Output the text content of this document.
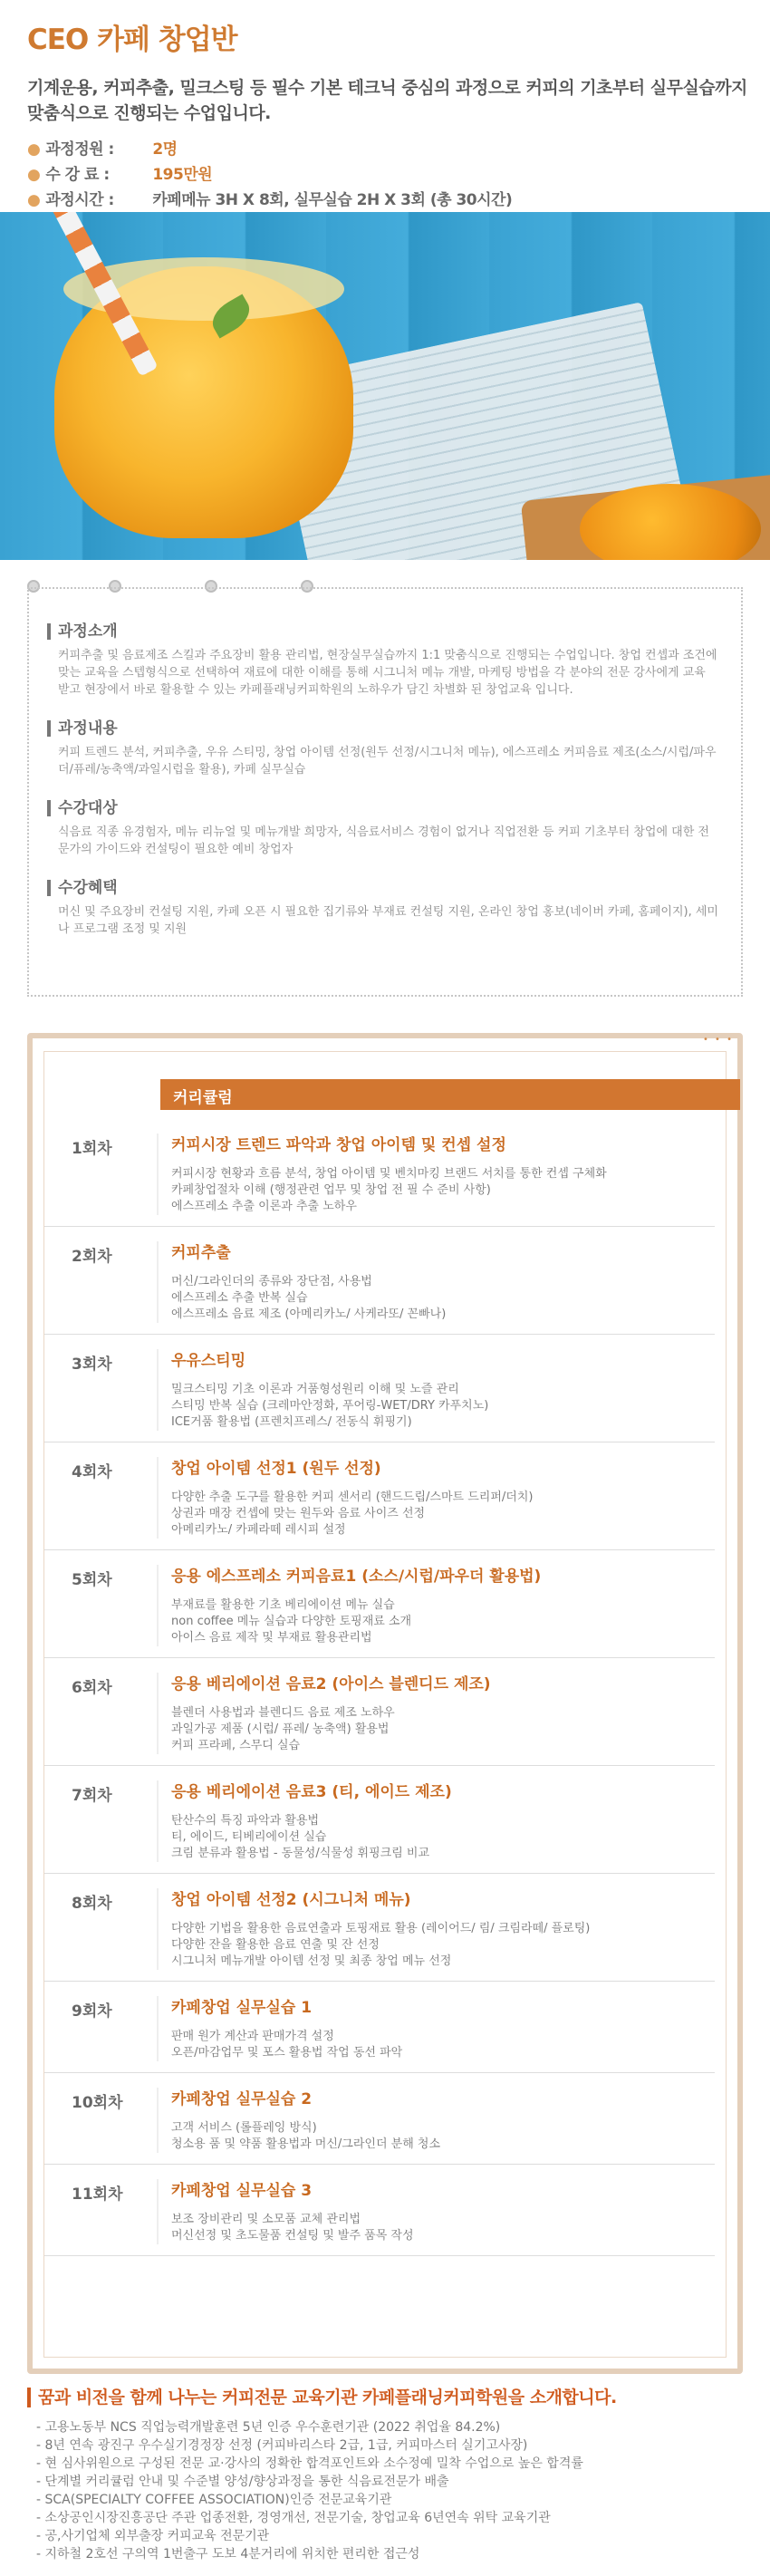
CEO 카페 창업반

기계운용, 커피추출, 밀크스팅 등 필수 기본 테크닉 중심의 과정으로 커피의 기초부터 실무실습까지 맞춤식으로 진행되는 수업입니다.

● 과정정원 :	2명
● 수 강 료 :	195만원
● 과정시간 :	카페메뉴 3H X 8회, 실무실습 2H X 3회 (총 30시간)
과정소개
커피추출 및 음료제조 스킬과 주요장비 활용 관리법, 현장실무실습까지 1:1 맞춤식으로 진행되는 수업입니다. 창업 컨셉과 조건에 맞는 교육을 스텝형식으로 선택하여 재료에 대한 이해를 통해 시그니처 메뉴 개발, 마케팅 방법을 각 분야의 전문 강사에게 교육 받고 현장에서 바로 활용할 수 있는 카페플래닝커피학원의 노하우가 담긴 차별화 된 창업교육 입니다.
과정내용
커피 트렌드 분석, 커피추출, 우유 스티밍, 창업 아이템 선정(원두 선정/시그니처 메뉴), 에스프레소 커피음료 제조(소스/시럽/파우더/퓨레/농축액/과일시럽을 활용), 카페 실무실습
수강대상
식음료 직종 유경험자, 메뉴 리뉴얼 및 메뉴개발 희망자, 식음료서비스 경험이 없거나 직업전환 등 커피 기초부터 창업에 대한 전문가의 가이드와 컨설팅이 필요한 예비 창업자
수강혜택
머신 및 주요장비 컨설팅 지원, 카페 오픈 시 필요한 집기류와 부재료 컨설팅 지원, 온라인 창업 홍보(네이버 카페, 홈페이지), 세미나 프로그램 조정 및 지원
• • •
커리큘럼
1회차	커피시장 트렌드 파악과 창업 아이템 및 컨셉 설정
커피시장 현황과 흐름 분석, 창업 아이템 및 벤치마킹 브랜드 서치를 통한 컨셉 구체화
카페창업절차 이해 (행정관련 업무 및 창업 전 필 수 준비 사항)
에스프레소 추출 이론과 추출 노하우
2회차	커피추출
머신/그라인더의 종류와 장단점, 사용법
에스프레소 추출 반복 실습
에스프레소 음료 제조 (아메리카노/ 사케라또/ 꼰빠나)
3회차	우유스티밍
밀크스티밍 기초 이론과 거품형성원리 이해 및 노즐 관리
스티밍 반복 실습 (크레마안정화, 푸어링-WET/DRY 카푸치노)
ICE거품 활용법 (프렌치프레스/ 전동식 휘핑기)
4회차	창업 아이템 선정1 (원두 선정)
다양한 추출 도구를 활용한 커피 센서리 (핸드드립/스마트 드리퍼/더치)
상권과 매장 컨셉에 맞는 원두와 음료 사이즈 선정
아메리카노/ 카페라떼 레시피 설정
5회차	응용 에스프레소 커피음료1 (소스/시럽/파우더 활용법)
부재료를 활용한 기초 베리에이션 메뉴 실습
non coffee 메뉴 실습과 다양한 토핑재료 소개
아이스 음료 제작 및 부재료 활용관리법
6회차	응용 베리에이션 음료2 (아이스 블렌디드 제조)
블렌더 사용법과 블렌디드 음료 제조 노하우
과일가공 제품 (시럽/ 퓨레/ 농축액) 활용법
커피 프라페, 스무디 실습
7회차	응용 베리에이션 음료3 (티, 에이드 제조)
탄산수의 특징 파악과 활용법
티, 에이드, 티베리에이션 실습
크림 분류과 활용법 - 동물성/식물성 휘핑크림 비교
8회차	창업 아이템 선정2 (시그니처 메뉴)
다양한 기법을 활용한 음료연출과 토핑재료 활용 (레이어드/ 림/ 크림라떼/ 플로팅)
다양한 잔을 활용한 음료 연출 및 잔 선정
시그니처 메뉴개발 아이템 선정 및 최종 창업 메뉴 선정
9회차	카페창업 실무실습 1
판매 원가 계산과 판매가격 설정
오픈/마감업무 및 포스 활용법 작업 동선 파악
10회차	카페창업 실무실습 2
고객 서비스 (롤플레잉 방식)
청소용 품 및 약품 활용법과 머신/그라인더 분해 청소
11회차	카페창업 실무실습 3
보조 장비관리 및 소모품 교체 관리법
머신선정 및 초도물품 컨설팅 및 발주 품목 작성
꿈과 비전을 함께 나누는 커피전문 교육기관 카페플래닝커피학원을 소개합니다.
- 고용노동부 NCS 직업능력개발훈련 5년 인증 우수훈련기관 (2022 취업율 84.2%)
- 8년 연속 광진구 우수실기경정장 선정 (커피바리스타 2급, 1급, 커피마스터 실기고사장)
- 현 심사위원으로 구성된 전문 교·강사의 정확한 합격포인트와 소수정예 밀착 수업으로 높은 합격률
- 단계별 커리큘럼 안내 및 수준별 양성/향상과정을 통한 식음료전문가 배출
- SCA(SPECIALTY COFFEE ASSOCIATION)인증 전문교육기관
- 소상공인시장진흥공단 주관 업종전환, 경영개선, 전문기술, 창업교육 6년연속 위탁 교육기관
- 공,사기업체 외부출장 커피교육 전문기관
- 지하철 2호선 구의역 1번출구 도보 4분거리에 위치한 편리한 접근성
